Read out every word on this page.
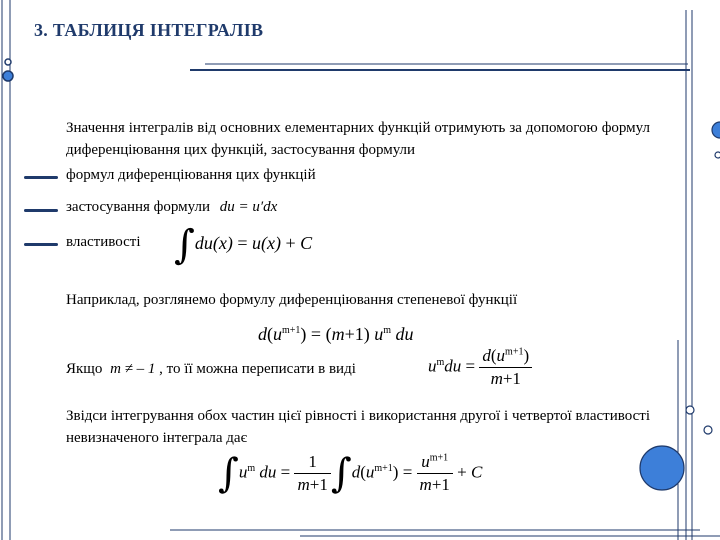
3. ТАБЛИЦЯ ІНТЕГРАЛІВ
Значення інтегралів від основних елементарних функцій отримують за допомогою формул диференціювання цих функцій, застосування формули
формул диференціювання цих функцій
застосування формули du = u′dx
властивості ∫du(x) = u(x) + C
Наприклад, розглянемо формулу диференціювання степеневої функції
$d(u^{m+1}) = (m+1)$ $u^m$ du
Якщо m ≠ – 1 , то її можна переписати в виді	$u^mdu = \frac{d(u^{m+1})}{m+1}$
Звідси інтегрування обох частин цієї рівності і використання другої і четвертої властивості невизначеного інтеграла дає
$\int u^m$ du = $\frac{1}{m+1} \int d(u^{m+1}) = \frac{u^{m+1}}{m+1} + C$
